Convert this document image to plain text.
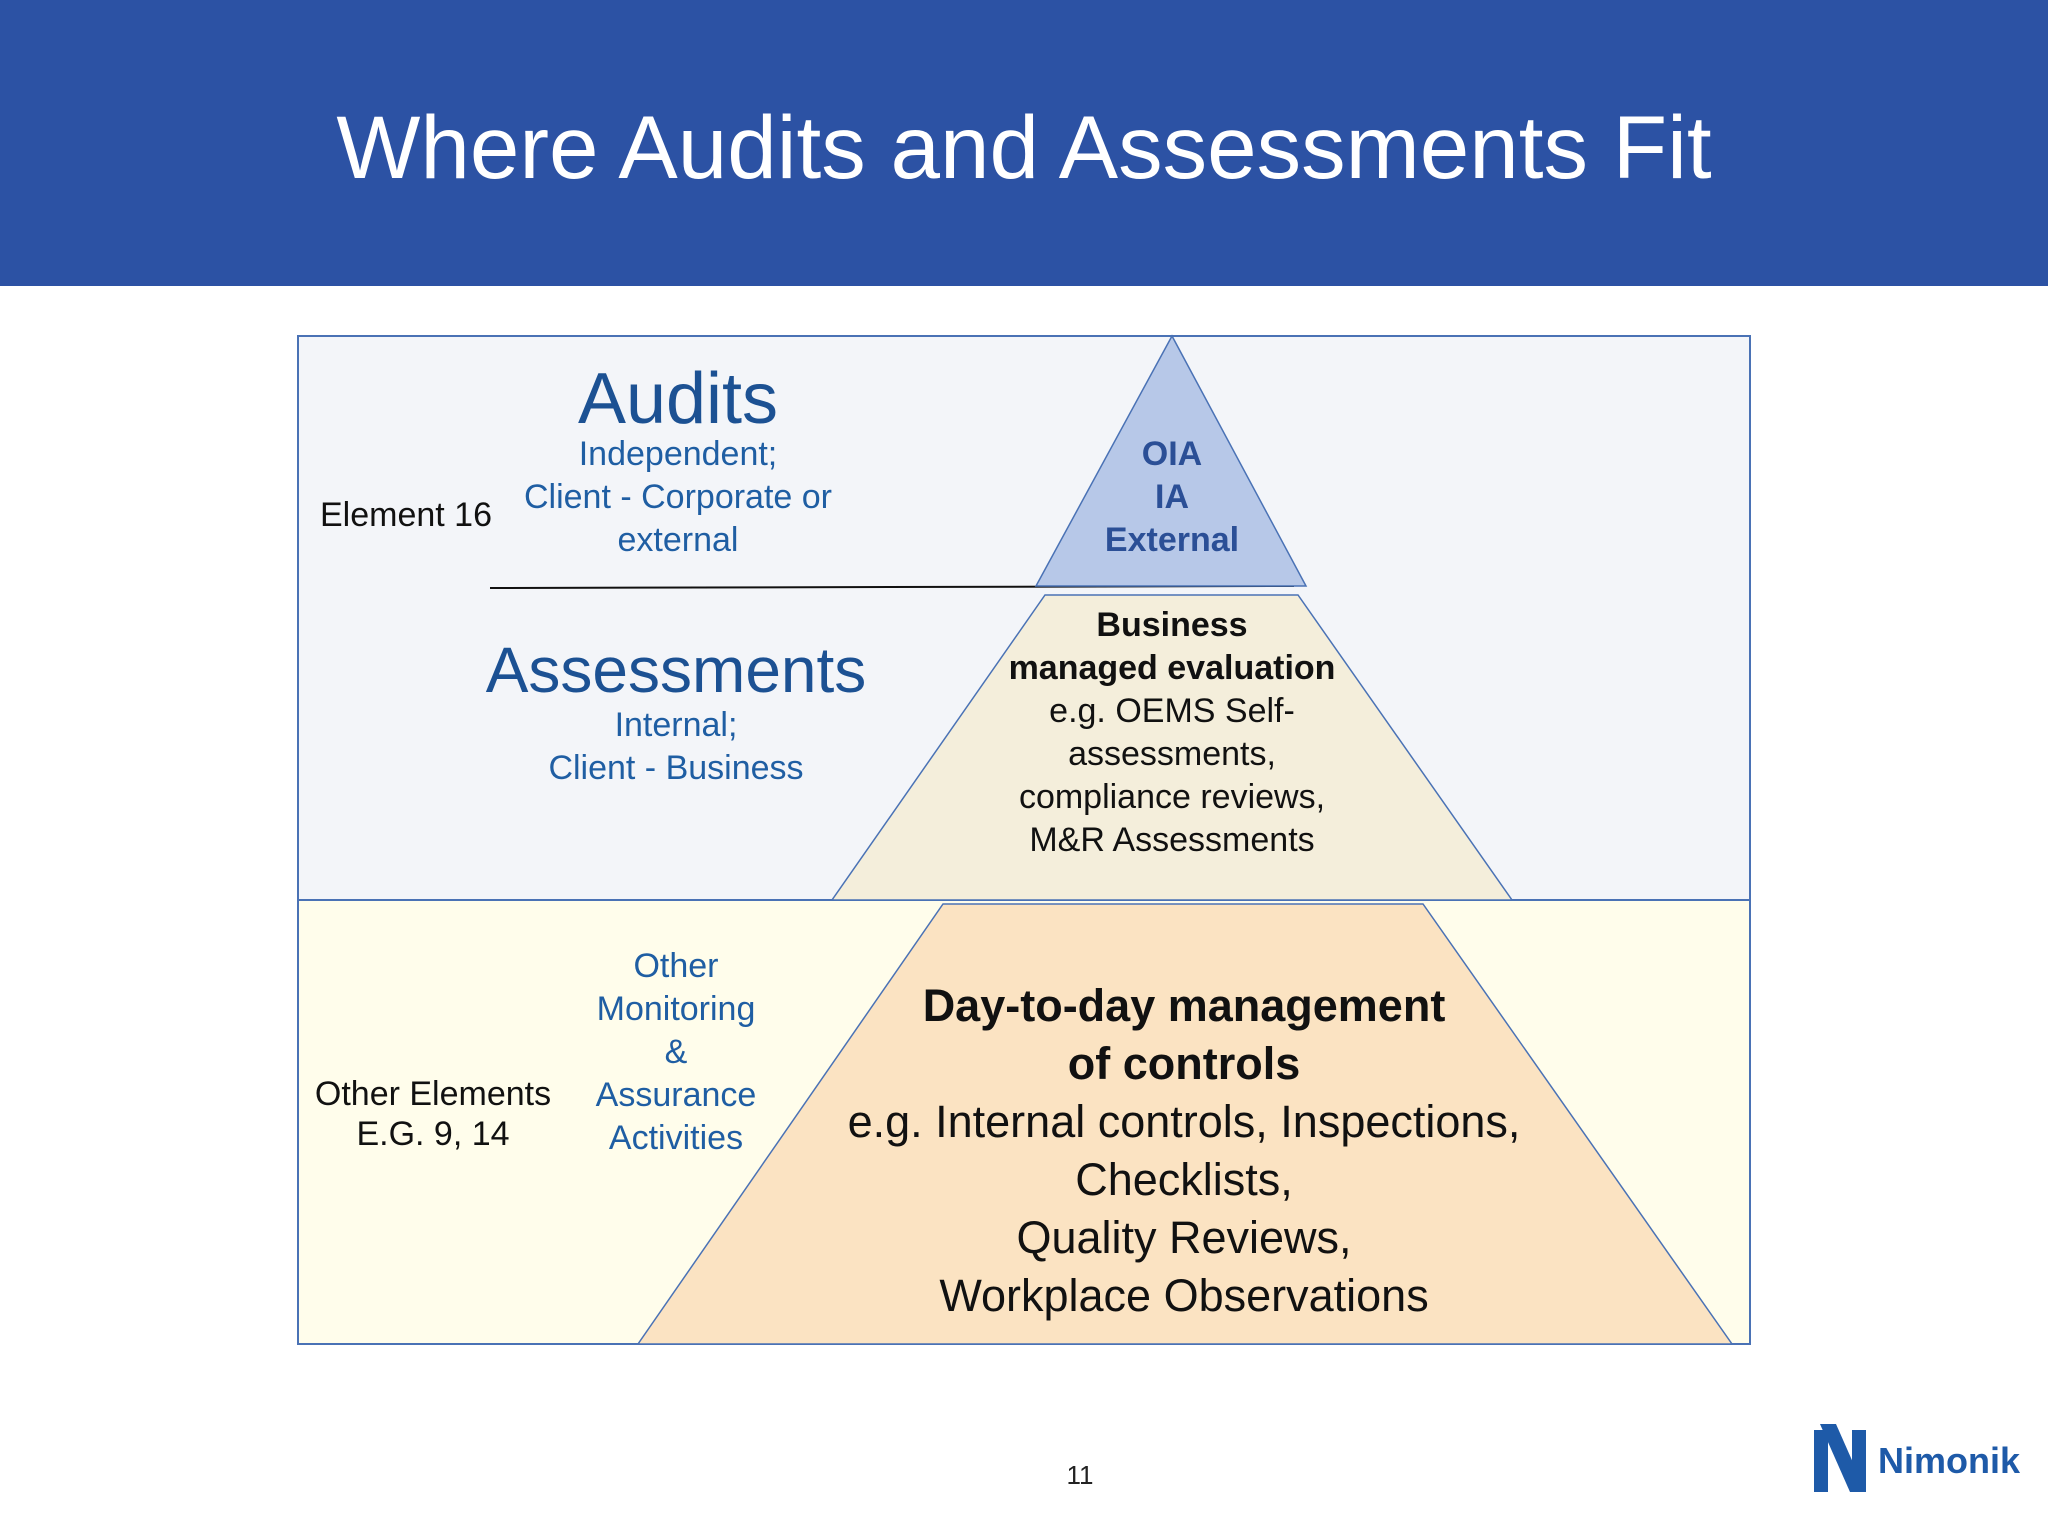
Where Audits and Assessments Fit
Audits
Independent;
Client - Corporate or
external
Element 16
OIA
IA
External
Assessments
Internal;
Client - Business
Business
managed evaluation
e.g. OEMS Self-
assessments,
compliance reviews,
M&R Assessments
Other Elements
E.G. 9, 14
Other
Monitoring
&
Assurance
Activities
Day-to-day management
of controls
e.g. Internal controls, Inspections,
Checklists,
Quality Reviews,
Workplace Observations
11	Nimonik
